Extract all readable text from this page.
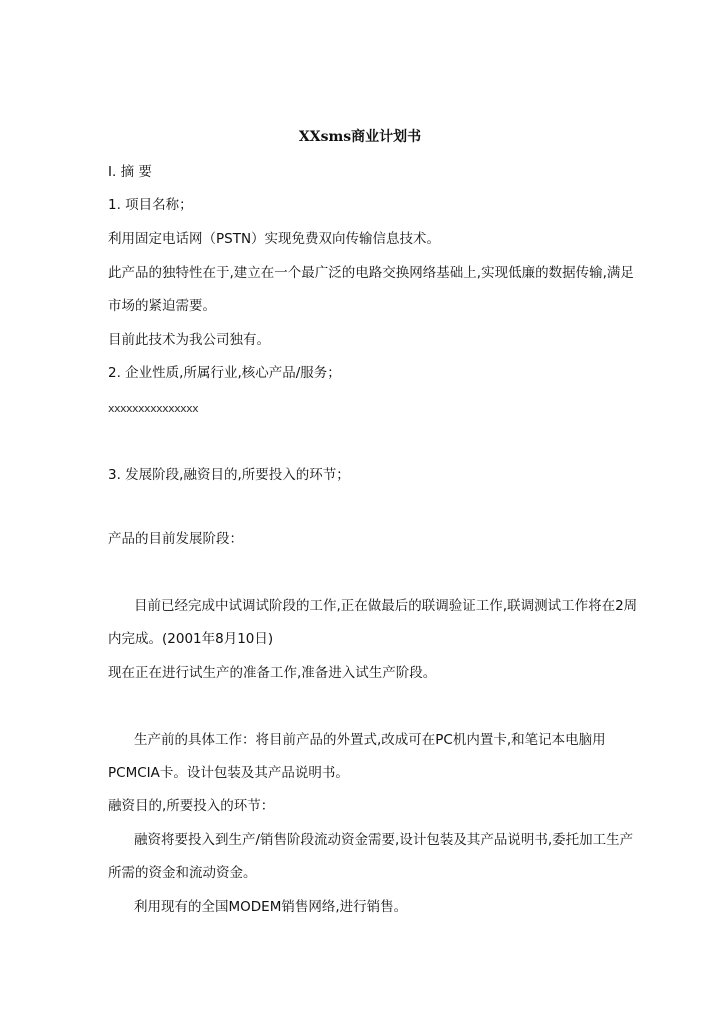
XXsms商业计划书
I. 摘 要
1. 项目名称；
利用固定电话网（PSTN）实现免费双向传输信息技术。
此产品的独特性在于,建立在一个最广泛的电路交换网络基础上,实现低廉的数据传输,满足
市场的紧迫需要。
目前此技术为我公司独有。
2. 企业性质,所属行业,核心产品/服务；
xxxxxxxxxxxxxxx
3. 发展阶段,融资目的,所要投入的环节；
产品的目前发展阶段：
目前已经完成中试调试阶段的工作,正在做最后的联调验证工作,联调测试工作将在2周
内完成。(2001年8月10日)
现在正在进行试生产的准备工作,准备进入试生产阶段。
生产前的具体工作：将目前产品的外置式,改成可在PC机内置卡,和笔记本电脑用
PCMCIA卡。设计包装及其产品说明书。
融资目的,所要投入的环节：
融资将要投入到生产/销售阶段流动资金需要,设计包装及其产品说明书,委托加工生产
所需的资金和流动资金。
利用现有的全国MODEM销售网络,进行销售。
